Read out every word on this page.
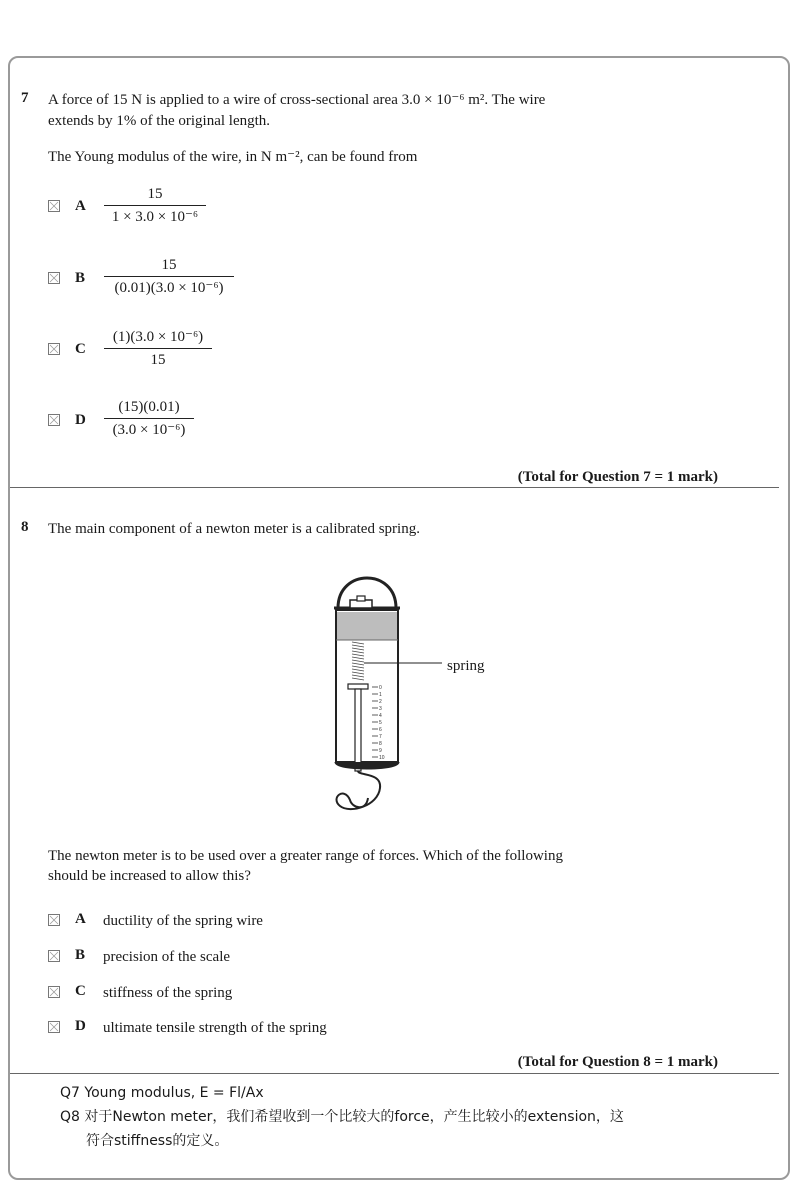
7 A force of 15 N is applied to a wire of cross-sectional area 3.0 × 10⁻⁶ m². The wire
extends by 1% of the original length.
The Young modulus of the wire, in N m⁻², can be found from
A
15
1 × 3.0 × 10⁻⁶
B
15
(0.01)(3.0 × 10⁻⁶)
C
(1)(3.0 × 10⁻⁶)
15
D
(15)(0.01)
(3.0 × 10⁻⁶)
(Total for Question 7 = 1 mark)
8 The main component of a newton meter is a calibrated spring.
0
1
2
3
4
5
6
7
8
9
10
spring
The newton meter is to be used over a greater range of forces. Which of the following
should be increased to allow this?
A ductility of the spring wire
B precision of the scale
C stiffness of the spring
D ultimate tensile strength of the spring
(Total for Question 8 = 1 mark)
Q7 Young modulus, E = Fl/Ax
Q8 对于Newton meter，我们希望收到一个比较大的force，产生比较小的extension，这
符合stiffness的定义。
